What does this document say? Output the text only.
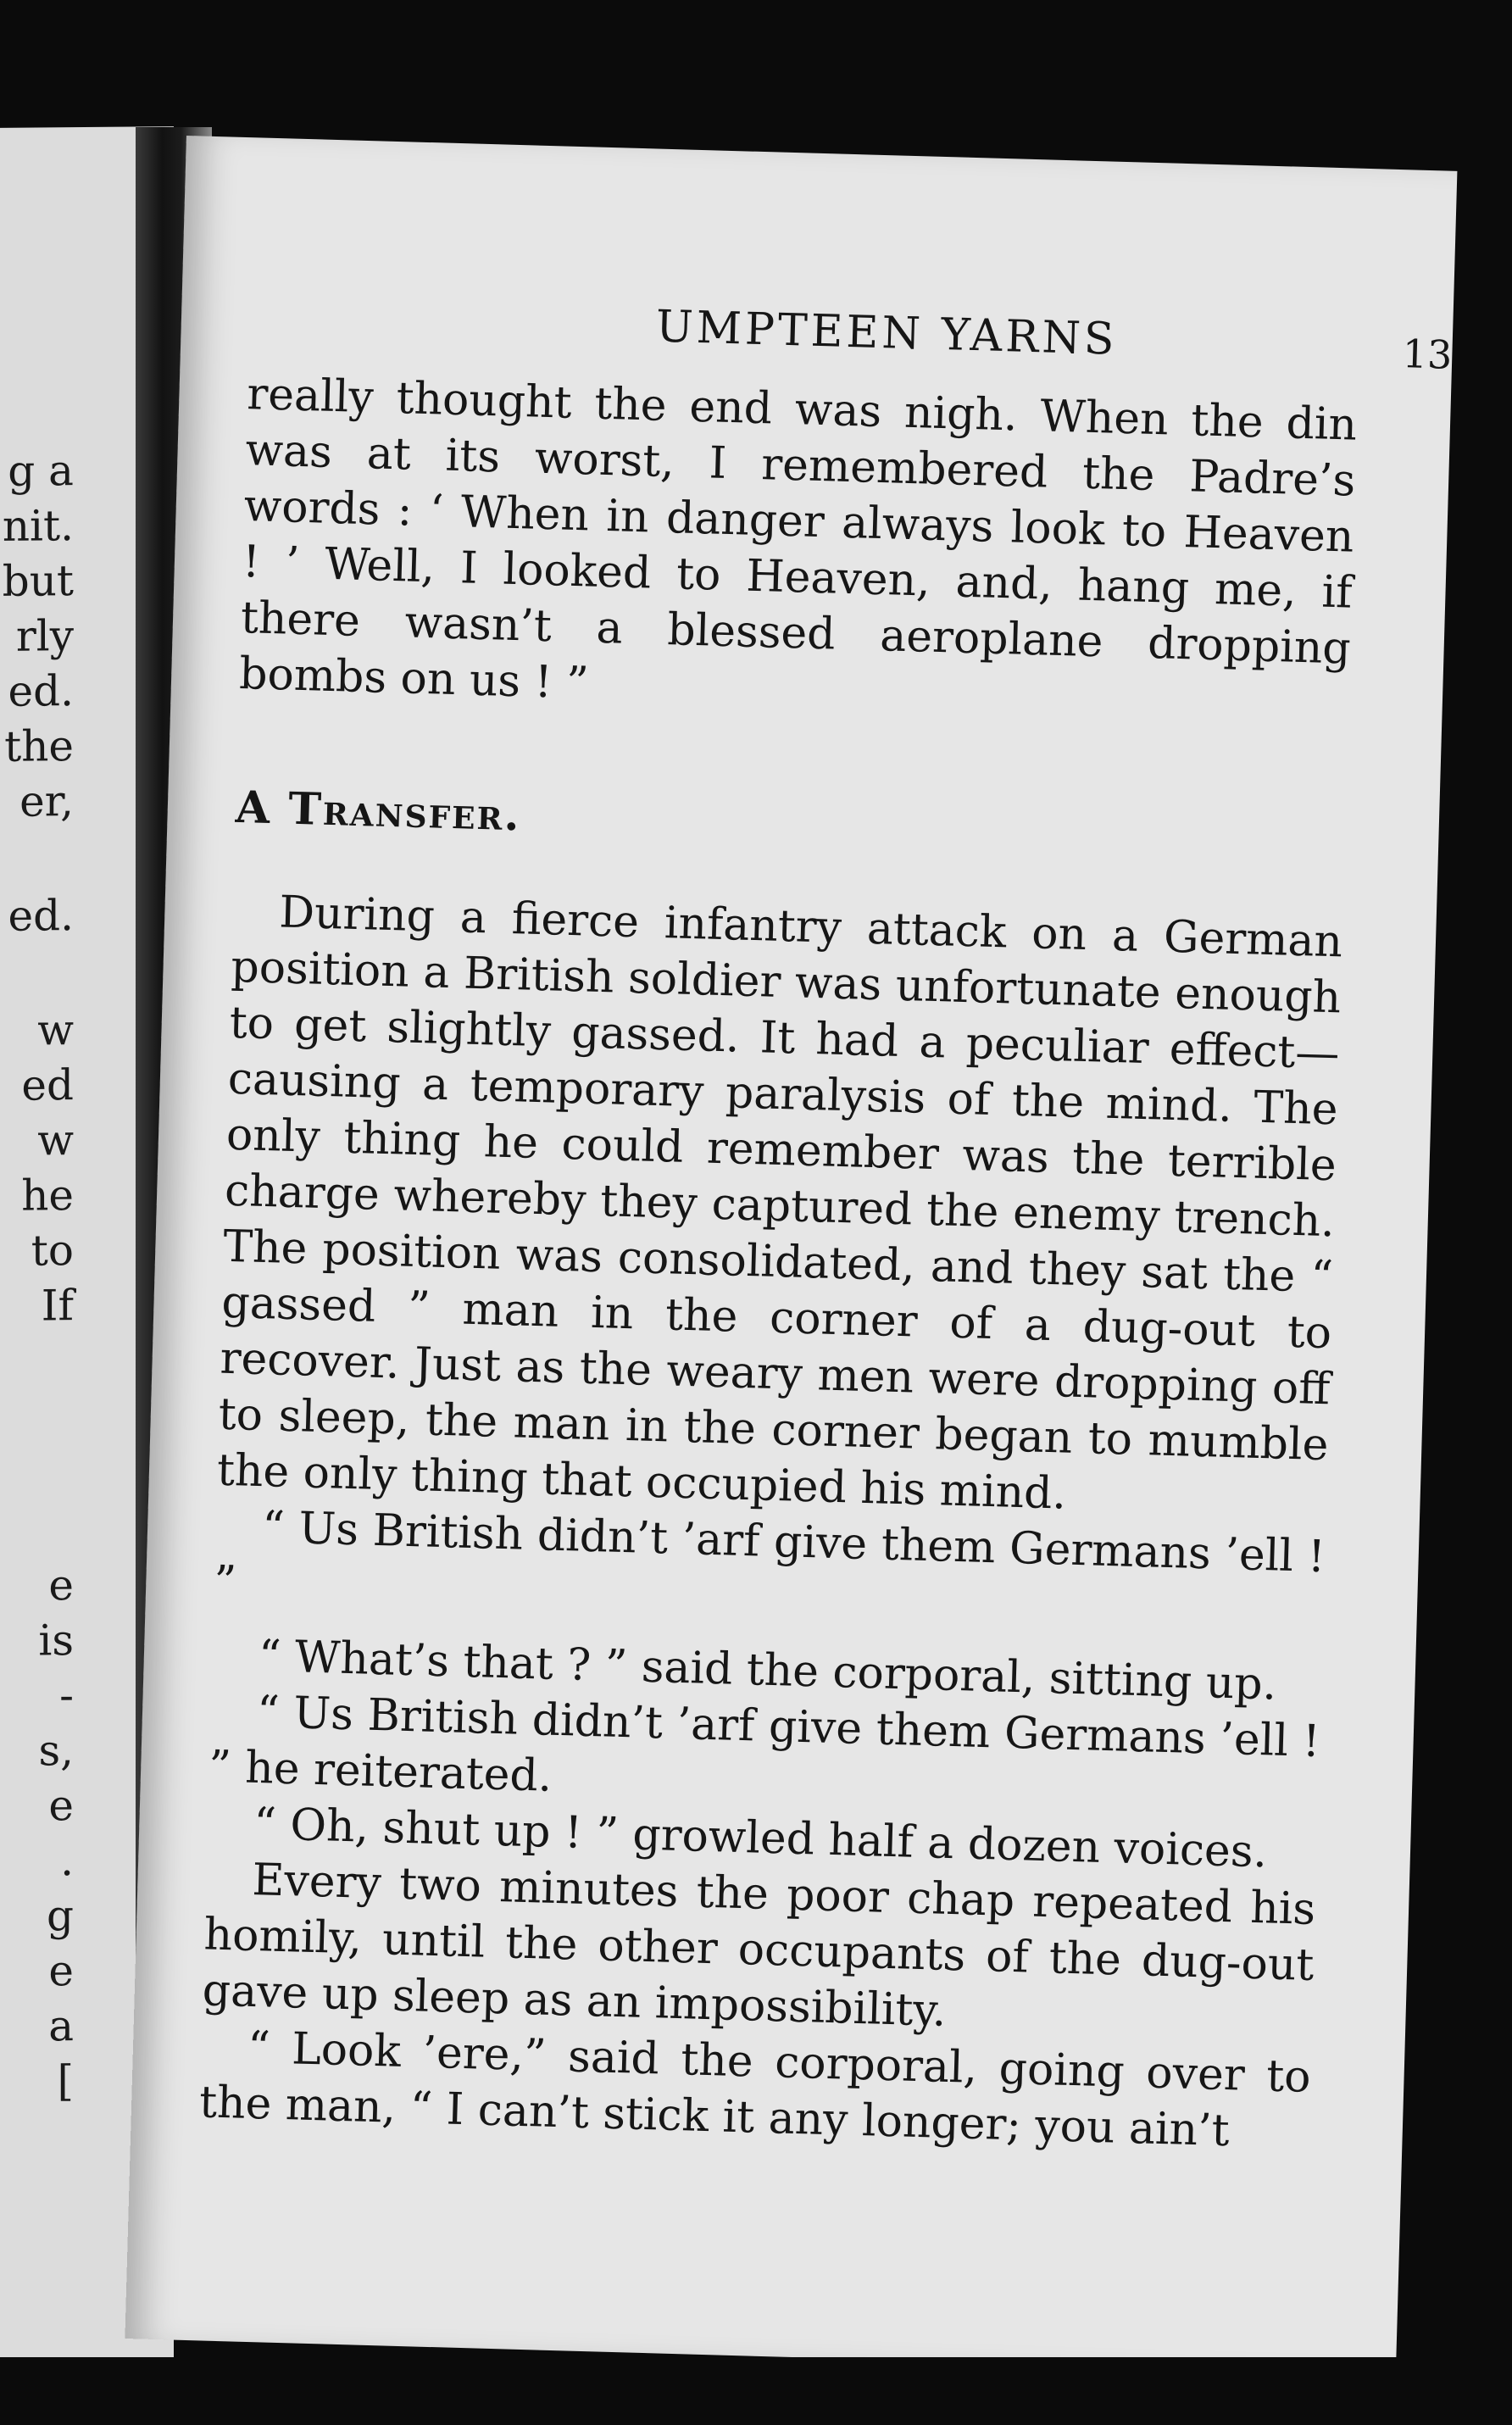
g a
nit.
but
rly
ed.
the
er,
ed.
w
ed
w
he
to
If
e
is
-
s,
e
.
g
e
a
[
UMPTEEN YARNS	13

really thought the end was nigh. When the din was at its worst, I remembered the Padre’s words : ‘ When in danger always look to Heaven ! ’ Well, I looked to Heaven, and, hang me, if there wasn’t a blessed aeroplane dropping bombs on us ! ”

A Transfer.

During a fierce infantry attack on a German position a British soldier was unfortunate enough to get slightly gassed. It had a peculiar effect—causing a temporary paralysis of the mind. The only thing he could remember was the terrible charge whereby they captured the enemy trench. The position was consolidated, and they sat the “ gassed ” man in the corner of a dug-out to recover. Just as the weary men were dropping off to sleep, the man in the corner began to mumble the only thing that occupied his mind.

“ Us British didn’t ’arf give them Germans ’ell ! ”

“ What’s that ? ” said the corporal, sitting up.

“ Us British didn’t ’arf give them Germans ’ell ! ” he reiterated.

“ Oh, shut up ! ” growled half a dozen voices.

Every two minutes the poor chap repeated his homily, until the other occupants of the dug-out gave up sleep as an impossibility.

“ Look ’ere,” said the corporal, going over to the man, “ I can’t stick it any longer; you ain’t
